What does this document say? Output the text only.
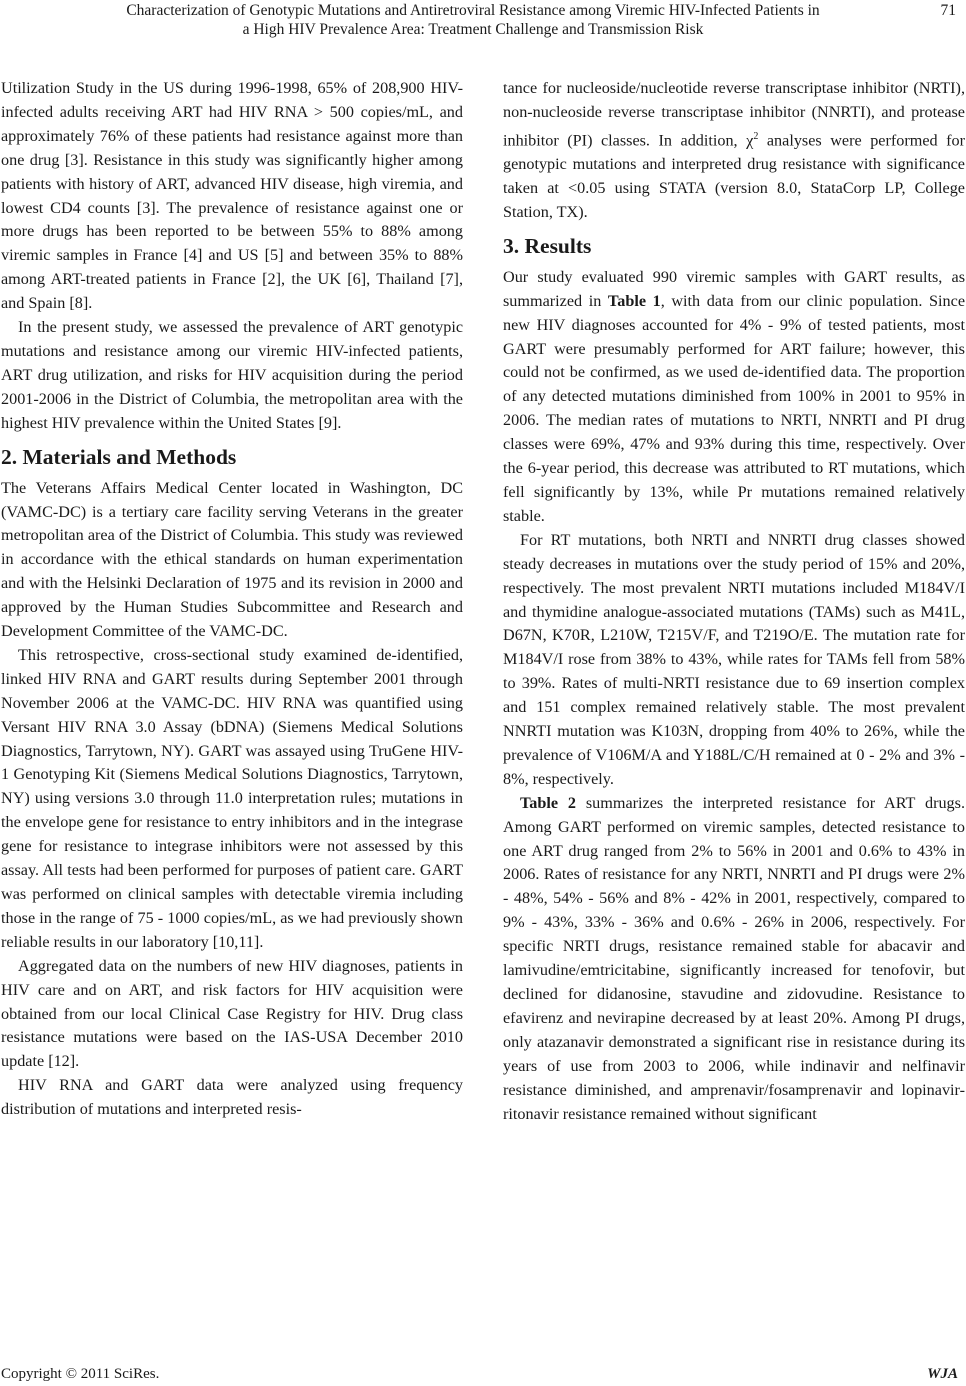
Characterization of Genotypic Mutations and Antiretroviral Resistance among Viremic HIV-Infected Patients in
a High HIV Prevalence Area: Treatment Challenge and Transmission Risk
71

Utilization Study in the US during 1996-1998, 65% of 208,900 HIV-infected adults receiving ART had HIV RNA > 500 copies/mL, and approximately 76% of these patients had resistance against more than one drug [3]. Resistance in this study was significantly higher among patients with history of ART, advanced HIV disease, high viremia, and lowest CD4 counts [3]. The prevalence of resistance against one or more drugs has been reported to be between 55% to 88% among viremic samples in France [4] and US [5] and between 35% to 88% among ART-treated patients in France [2], the UK [6], Thailand [7], and Spain [8].

In the present study, we assessed the prevalence of ART genotypic mutations and resistance among our viremic HIV-infected patients, ART drug utilization, and risks for HIV acquisition during the period 2001-2006 in the District of Columbia, the metropolitan area with the highest HIV prevalence within the United States [9].

2. Materials and Methods

The Veterans Affairs Medical Center located in Washington, DC (VAMC-DC) is a tertiary care facility serving Veterans in the greater metropolitan area of the District of Columbia. This study was reviewed in accordance with the ethical standards on human experimentation and with the Helsinki Declaration of 1975 and its revision in 2000 and approved by the Human Studies Subcommittee and Research and Development Committee of the VAMC-DC.

This retrospective, cross-sectional study examined de-identified, linked HIV RNA and GART results during September 2001 through November 2006 at the VAMC-DC. HIV RNA was quantified using Versant HIV RNA 3.0 Assay (bDNA) (Siemens Medical Solutions Diagnostics, Tarrytown, NY). GART was assayed using TruGene HIV-1 Genotyping Kit (Siemens Medical Solutions Diagnostics, Tarrytown, NY) using versions 3.0 through 11.0 interpretation rules; mutations in the envelope gene for resistance to entry inhibitors and in the integrase gene for resistance to integrase inhibitors were not assessed by this assay. All tests had been performed for purposes of patient care. GART was performed on clinical samples with detectable viremia including those in the range of 75 - 1000 copies/mL, as we had previously shown reliable results in our laboratory [10,11].

Aggregated data on the numbers of new HIV diagnoses, patients in HIV care and on ART, and risk factors for HIV acquisition were obtained from our local Clinical Case Registry for HIV. Drug class resistance mutations were based on the IAS-USA December 2010 update [12].

HIV RNA and GART data were analyzed using frequency distribution of mutations and interpreted resis-

tance for nucleoside/nucleotide reverse transcriptase inhibitor (NRTI), non-nucleoside reverse transcriptase inhibitor (NNRTI), and protease inhibitor (PI) classes. In addition, $\chi^2$ analyses were performed for genotypic mutations and interpreted drug resistance with significance taken at <0.05 using STATA (version 8.0, StataCorp LP, College Station, TX).

3. Results

Our study evaluated 990 viremic samples with GART results, as summarized in Table 1, with data from our clinic population. Since new HIV diagnoses accounted for 4% - 9% of tested patients, most GART were presumably performed for ART failure; however, this could not be confirmed, as we used de-identified data. The proportion of any detected mutations diminished from 100% in 2001 to 95% in 2006. The median rates of mutations to NRTI, NNRTI and PI drug classes were 69%, 47% and 93% during this time, respectively. Over the 6-year period, this decrease was attributed to RT mutations, which fell significantly by 13%, while Pr mutations remained relatively stable.

For RT mutations, both NRTI and NNRTI drug classes showed steady decreases in mutations over the study period of 15% and 20%, respectively. The most prevalent NRTI mutations included M184V/I and thymidine analogue-associated mutations (TAMs) such as M41L, D67N, K70R, L210W, T215V/F, and T219O/E. The mutation rate for M184V/I rose from 38% to 43%, while rates for TAMs fell from 58% to 39%. Rates of multi-NRTI resistance due to 69 insertion complex and 151 complex remained relatively stable. The most prevalent NNRTI mutation was K103N, dropping from 40% to 26%, while the prevalence of V106M/A and Y188L/C/H remained at 0 - 2% and 3% - 8%, respectively.

Table 2 summarizes the interpreted resistance for ART drugs. Among GART performed on viremic samples, detected resistance to one ART drug ranged from 2% to 56% in 2001 and 0.6% to 43% in 2006. Rates of resistance for any NRTI, NNRTI and PI drugs were 2% - 48%, 54% - 56% and 8% - 42% in 2001, respectively, compared to 9% - 43%, 33% - 36% and 0.6% - 26% in 2006, respectively. For specific NRTI drugs, resistance remained stable for abacavir and lamivudine/emtricitabine, significantly increased for tenofovir, but declined for didanosine, stavudine and zidovudine. Resistance to efavirenz and nevirapine decreased by at least 20%. Among PI drugs, only atazanavir demonstrated a significant rise in resistance during its years of use from 2003 to 2006, while indinavir and nelfinavir resistance diminished, and amprenavir/fosamprenavir and lopinavir-ritonavir resistance remained without significant

Copyright © 2011 SciRes.	WJA
